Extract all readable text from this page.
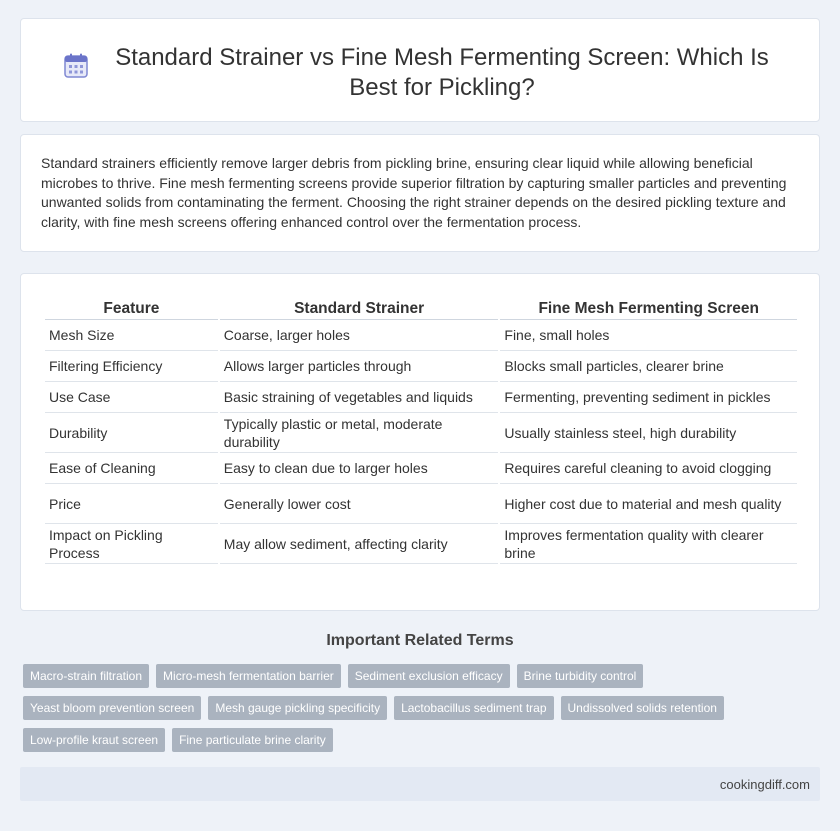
Standard Strainer vs Fine Mesh Fermenting Screen: Which Is Best for Pickling?

Standard strainers efficiently remove larger debris from pickling brine, ensuring clear liquid while allowing beneficial microbes to thrive. Fine mesh fermenting screens provide superior filtration by capturing smaller particles and preventing unwanted solids from contaminating the ferment. Choosing the right strainer depends on the desired pickling texture and clarity, with fine mesh screens offering enhanced control over the fermentation process.

Feature	Standard Strainer	Fine Mesh Fermenting Screen
Mesh Size	Coarse, larger holes	Fine, small holes
Filtering Efficiency	Allows larger particles through	Blocks small particles, clearer brine
Use Case	Basic straining of vegetables and liquids	Fermenting, preventing sediment in pickles
Durability	Typically plastic or metal, moderate durability	Usually stainless steel, high durability
Ease of Cleaning	Easy to clean due to larger holes	Requires careful cleaning to avoid clogging
Price	Generally lower cost	Higher cost due to material and mesh quality
Impact on Pickling Process	May allow sediment, affecting clarity	Improves fermentation quality with clearer brine
Important Related Terms
Macro-strain filtration	Micro-mesh fermentation barrier	Sediment exclusion efficacy	Brine turbidity control
Yeast bloom prevention screen	Mesh gauge pickling specificity	Lactobacillus sediment trap	Undissolved solids retention
Low-profile kraut screen	Fine particulate brine clarity
cookingdiff.com
